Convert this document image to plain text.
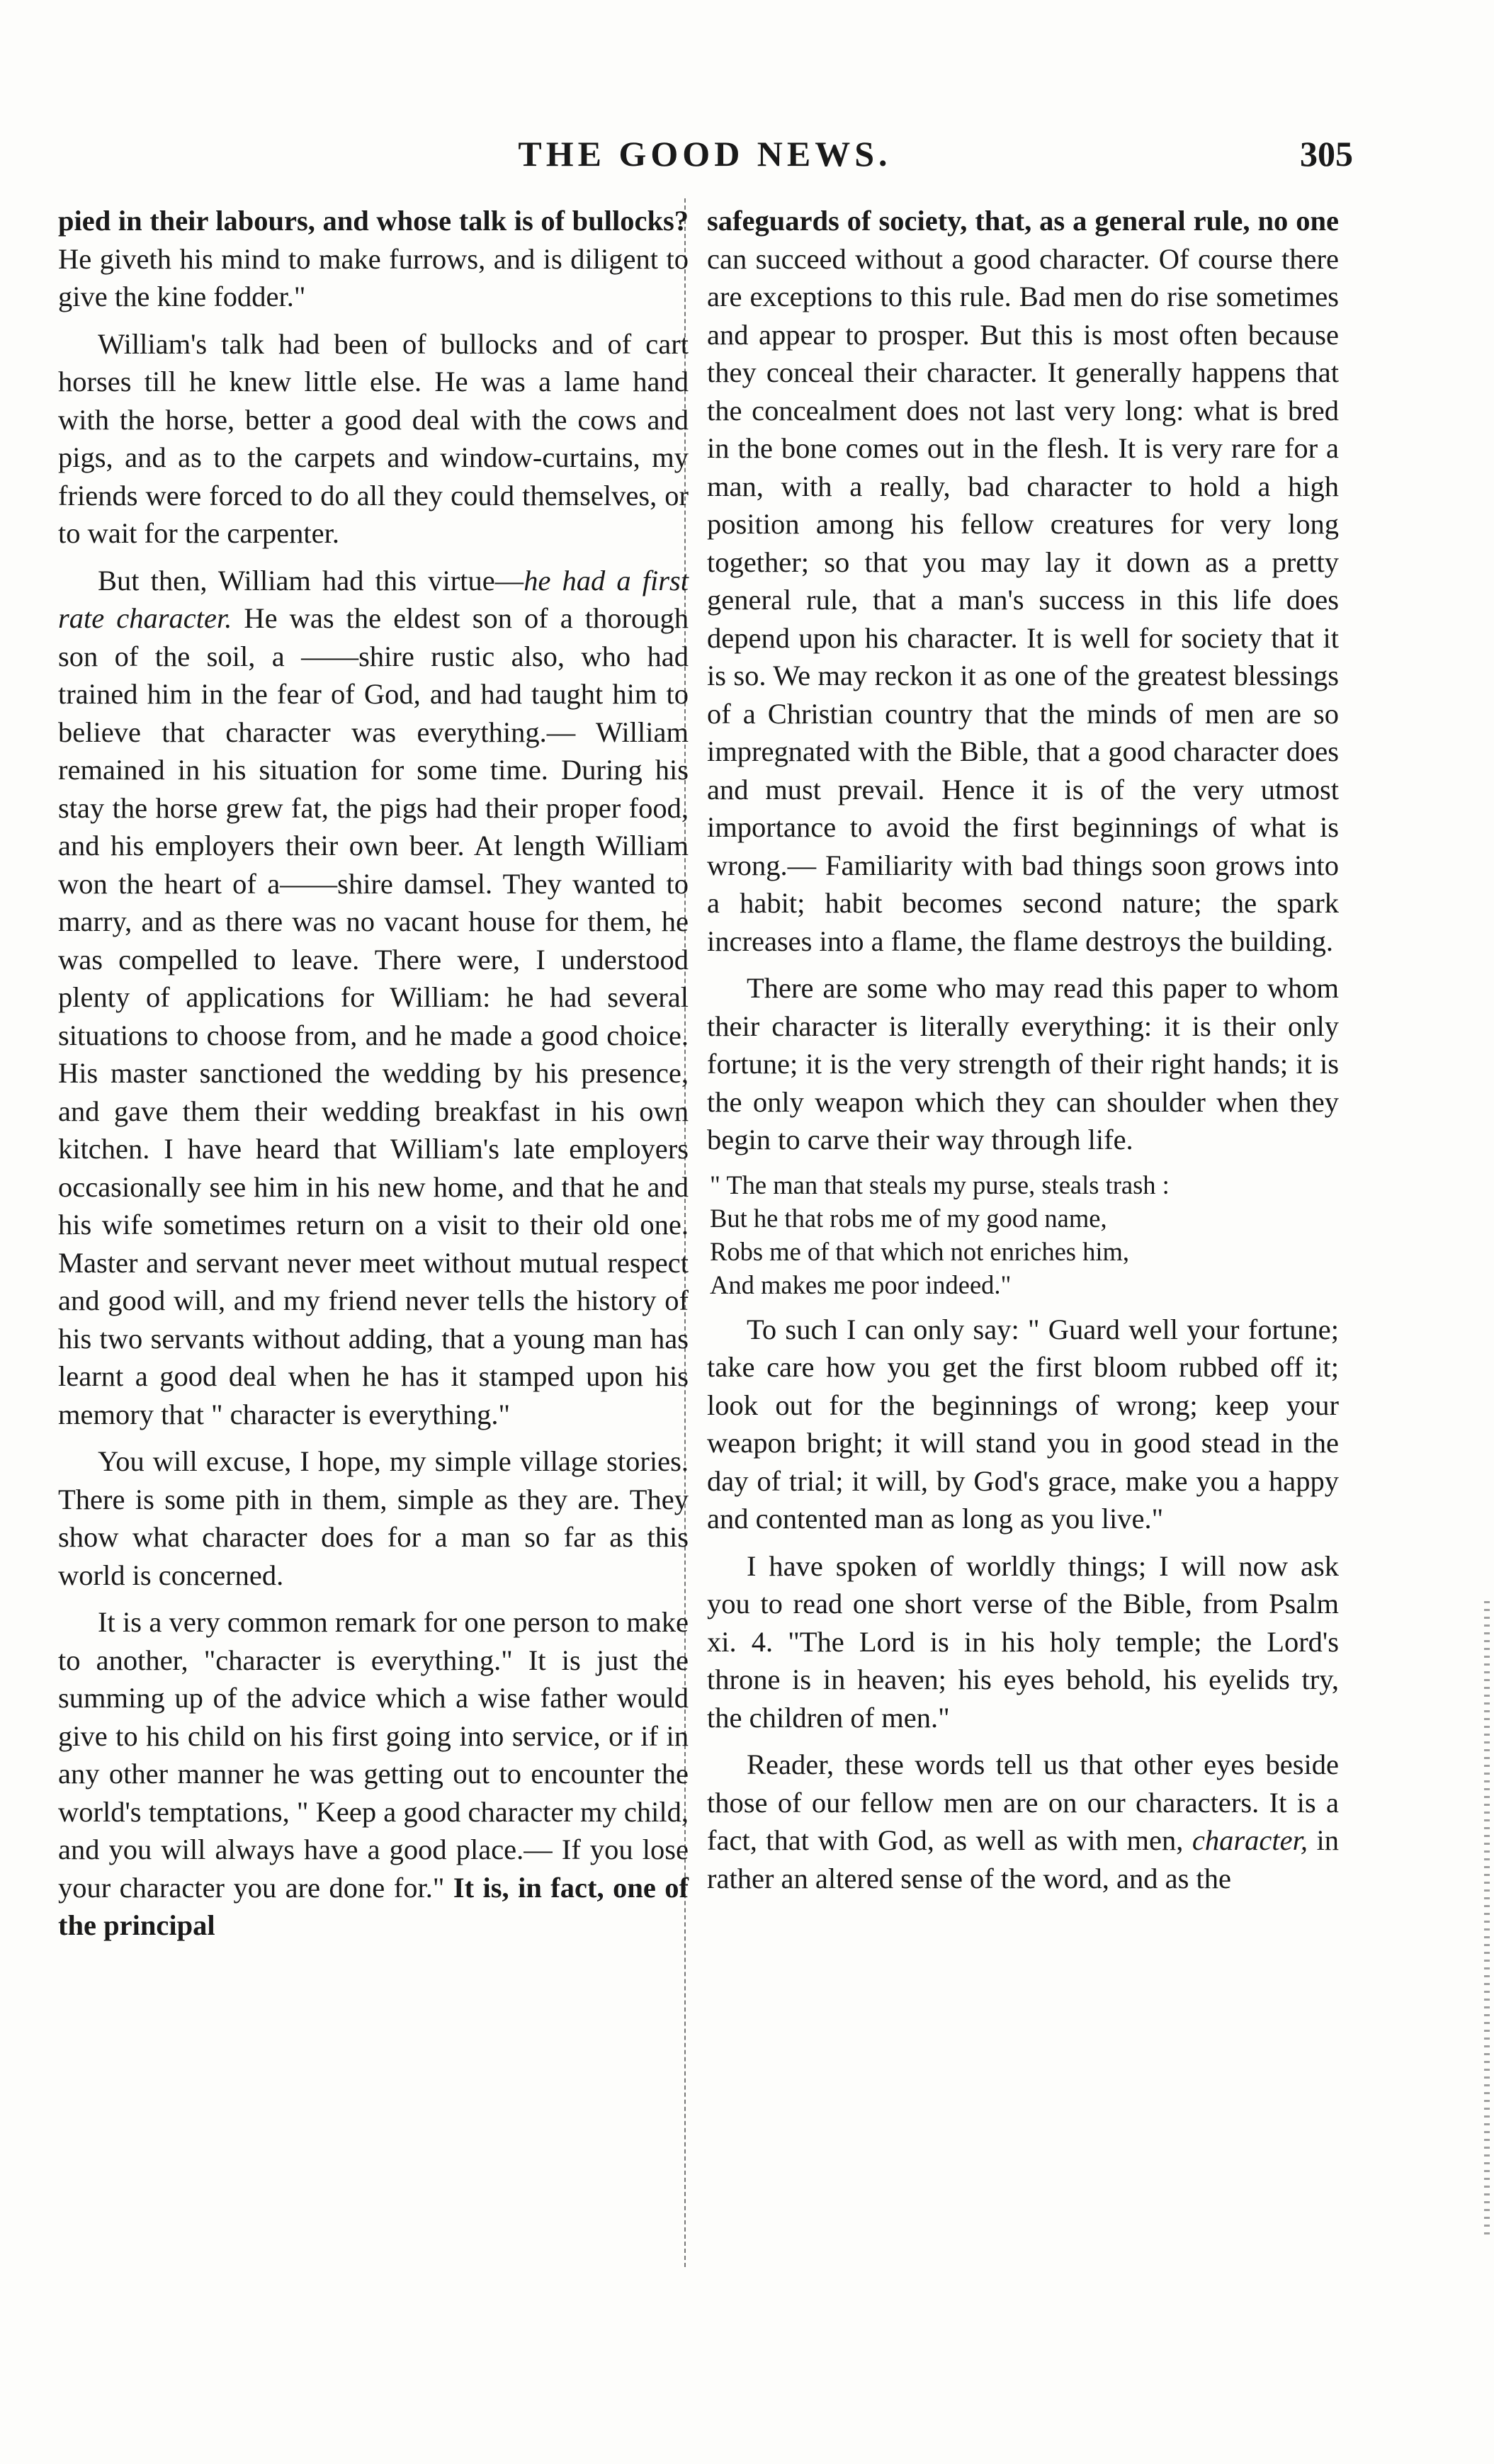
THE GOOD NEWS.	305

pied in their labours, and whose talk is of bullocks? He giveth his mind to make furrows, and is diligent to give the kine fodder."

William's talk had been of bullocks and of cart horses till he knew little else. He was a lame hand with the horse, better a good deal with the cows and pigs, and as to the carpets and window-curtains, my friends were forced to do all they could themselves, or to wait for the carpenter.

But then, William had this virtue—he had a first rate character. He was the eldest son of a thorough son of the soil, a ——shire rustic also, who had trained him in the fear of God, and had taught him to believe that character was everything.— William remained in his situation for some time. During his stay the horse grew fat, the pigs had their proper food, and his employers their own beer. At length William won the heart of a——shire damsel. They wanted to marry, and as there was no vacant house for them, he was compelled to leave. There were, I understood plenty of applications for William: he had several situations to choose from, and he made a good choice. His master sanctioned the wedding by his presence, and gave them their wedding breakfast in his own kitchen. I have heard that William's late employers occasionally see him in his new home, and that he and his wife sometimes return on a visit to their old one. Master and servant never meet without mutual respect and good will, and my friend never tells the history of his two servants without adding, that a young man has learnt a good deal when he has it stamped upon his memory that " character is everything."

You will excuse, I hope, my simple village stories. There is some pith in them, simple as they are. They show what character does for a man so far as this world is concerned.

It is a very common remark for one person to make to another, "character is everything." It is just the summing up of the advice which a wise father would give to his child on his first going into service, or if in any other manner he was getting out to encounter the world's temptations, " Keep a good character my child, and you will always have a good place.— If you lose your character you are done for." It is, in fact, one of the principal

safeguards of society, that, as a general rule, no one can succeed without a good character. Of course there are exceptions to this rule. Bad men do rise sometimes and appear to prosper. But this is most often because they conceal their character. It generally happens that the concealment does not last very long: what is bred in the bone comes out in the flesh. It is very rare for a man, with a really, bad character to hold a high position among his fellow creatures for very long together; so that you may lay it down as a pretty general rule, that a man's success in this life does depend upon his character. It is well for society that it is so. We may reckon it as one of the greatest blessings of a Christian country that the minds of men are so impregnated with the Bible, that a good character does and must prevail. Hence it is of the very utmost importance to avoid the first beginnings of what is wrong.— Familiarity with bad things soon grows into a habit; habit becomes second nature; the spark increases into a flame, the flame destroys the building.

There are some who may read this paper to whom their character is literally everything: it is their only fortune; it is the very strength of their right hands; it is the only weapon which they can shoulder when they begin to carve their way through life.

" The man that steals my purse, steals trash :
But he that robs me of my good name,
Robs me of that which not enriches him,
And makes me poor indeed."

To such I can only say: " Guard well your fortune; take care how you get the first bloom rubbed off it; look out for the beginnings of wrong; keep your weapon bright; it will stand you in good stead in the day of trial; it will, by God's grace, make you a happy and contented man as long as you live."

I have spoken of worldly things; I will now ask you to read one short verse of the Bible, from Psalm xi. 4. "The Lord is in his holy temple; the Lord's throne is in heaven; his eyes behold, his eyelids try, the children of men."

Reader, these words tell us that other eyes beside those of our fellow men are on our characters. It is a fact, that with God, as well as with men, character, in rather an altered sense of the word, and as the
